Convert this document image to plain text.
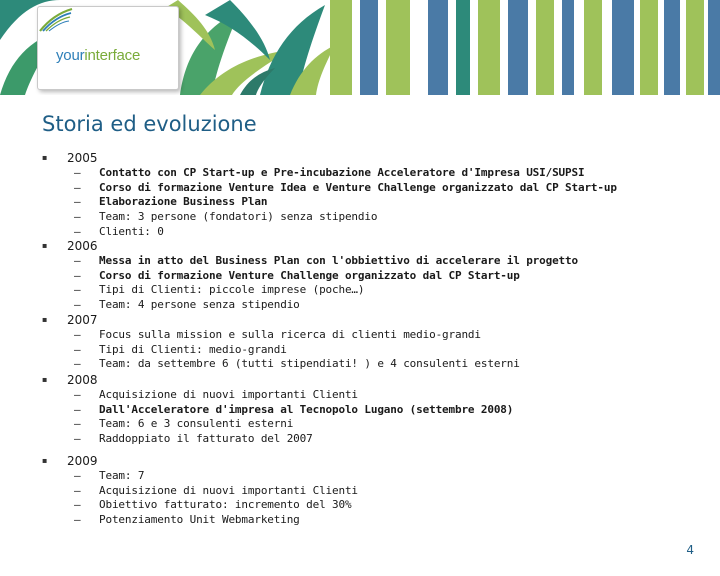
yourinterface
Storia ed evoluzione
▪ 2005
– Contatto con CP Start-up e Pre-incubazione Acceleratore d'Impresa USI/SUPSI
– Corso di formazione Venture Idea e Venture Challenge organizzato dal CP Start-up
– Elaborazione Business Plan
– Team: 3 persone (fondatori) senza stipendio
– Clienti: 0
▪ 2006
– Messa in atto del Business Plan con l'obbiettivo di accelerare il progetto
– Corso di formazione Venture Challenge organizzato dal CP Start-up
– Tipi di Clienti: piccole imprese (poche…)
– Team: 4 persone senza stipendio
▪ 2007
– Focus sulla mission e sulla ricerca di clienti medio-grandi
– Tipi di Clienti: medio-grandi
– Team: da settembre 6 (tutti stipendiati! ) e 4 consulenti esterni
▪ 2008
– Acquisizione di nuovi importanti Clienti
– Dall'Acceleratore d'impresa al Tecnopolo Lugano (settembre 2008)
– Team: 6 e 3 consulenti esterni
– Raddoppiato il fatturato del 2007
▪ 2009
– Team: 7
– Acquisizione di nuovi importanti Clienti
– Obiettivo fatturato: incremento del 30%
– Potenziamento Unit Webmarketing
4
